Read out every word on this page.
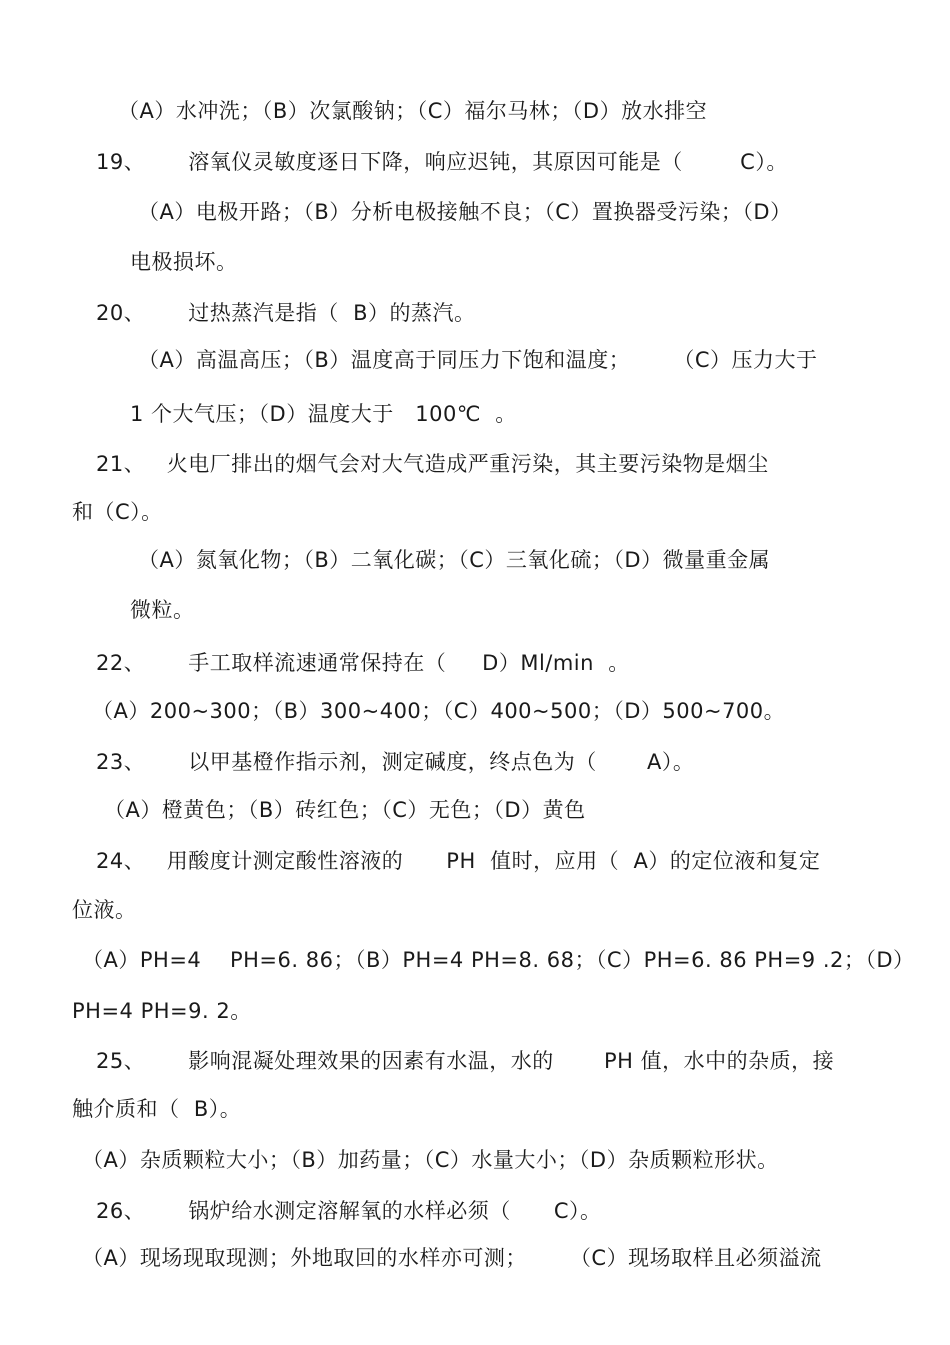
（A）水冲洗；（B）次氯酸钠；（C）福尔马林；（D）放水排空
19、      溶氧仪灵敏度逐日下降，响应迟钝，其原因可能是（        C）。
（A）电极开路；（B）分析电极接触不良；（C）置换器受污染；（D）
电极损坏。
20、      过热蒸汽是指（  B）的蒸汽。
（A）高温高压；（B）温度高于同压力下饱和温度；      （C）压力大于
1 个大气压；（D）温度大于   100℃  。
21、   火电厂排出的烟气会对大气造成严重污染，其主要污染物是烟尘
和（C）。
（A）氮氧化物；（B）二氧化碳；（C）三氧化硫；（D）微量重金属
微粒。
22、      手工取样流速通常保持在（     D）Ml/min  。
（A）200~300；（B）300~400；（C）400~500；（D）500~700。
23、      以甲基橙作指示剂，测定碱度，终点色为（       A）。
（A）橙黄色；（B）砖红色；（C）无色；（D）黄色
24、   用酸度计测定酸性溶液的      PH  值时，应用（  A）的定位液和复定
位液。
（A）PH=4    PH=6. 86；（B）PH=4 PH=8. 68；（C）PH=6. 86 PH=9 .2；（D）
PH=4 PH=9. 2。
25、      影响混凝处理效果的因素有水温，水的       PH 值，水中的杂质，接
触介质和（  B）。
（A）杂质颗粒大小；（B）加药量；（C）水量大小；（D）杂质颗粒形状。
26、      锅炉给水测定溶解氧的水样必须（      C）。
（A）现场现取现测；外地取回的水样亦可测；      （C）现场取样且必须溢流
